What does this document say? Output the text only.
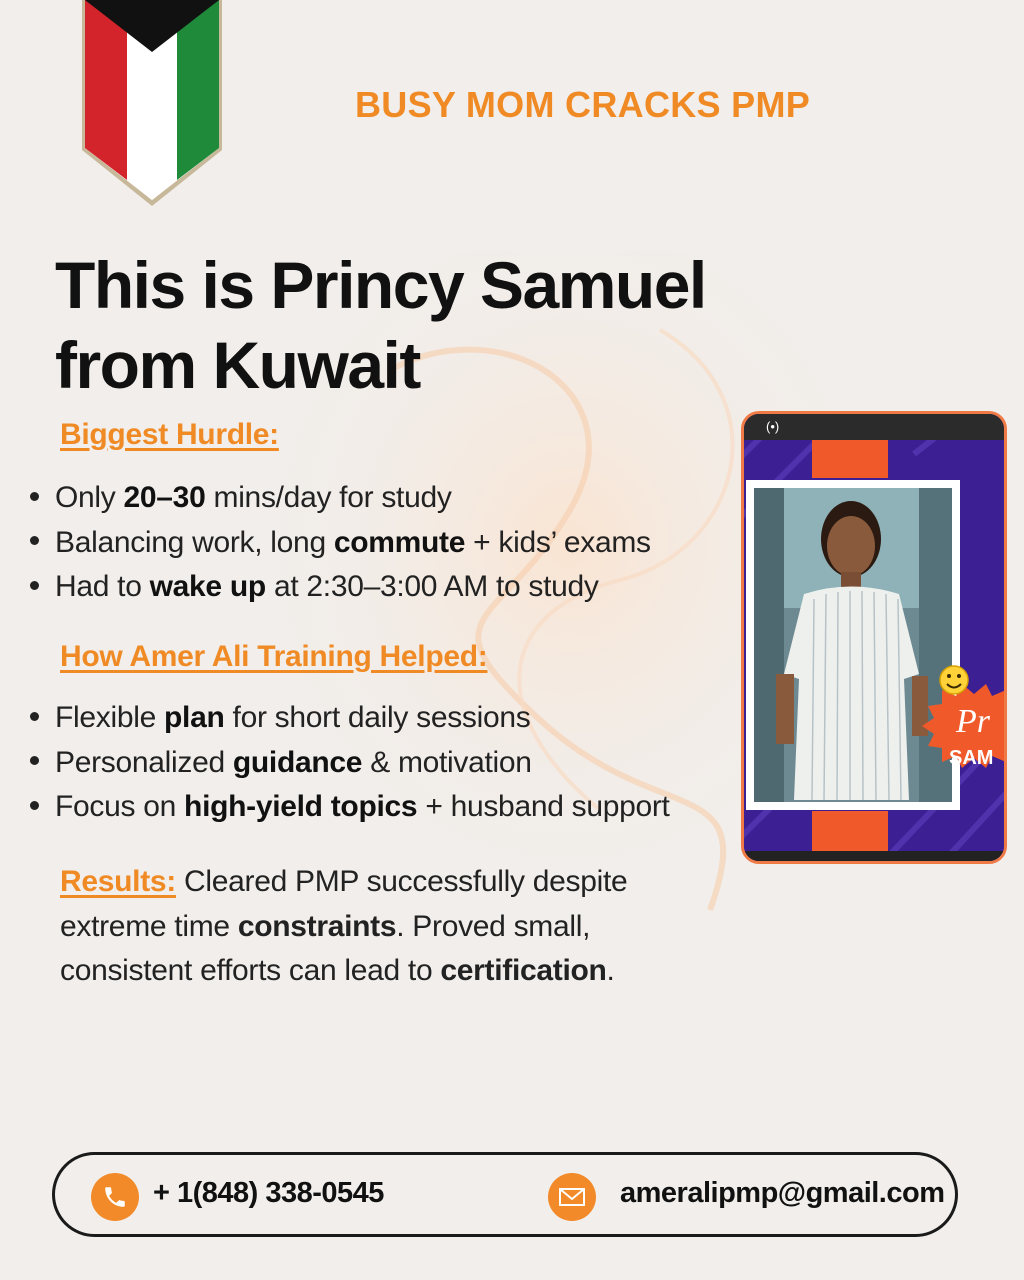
BUSY MOM CRACKS PMP
This is Princy Samuel
from Kuwait
Biggest Hurdle:
Only 20–30 mins/day for study
Balancing work, long commute + kids’ exams
Had to wake up at 2:30–3:00 AM to study
How Amer Ali Training Helped:
Flexible plan for short daily sessions
Personalized guidance & motivation
Focus on high-yield topics + husband support
Results: Cleared PMP successfully despite
extreme time constraints. Proved small,
consistent efforts can lead to certification.
(•)
Pr
SAM
+ 1(848) 338-0545	ameralipmp@gmail.com
